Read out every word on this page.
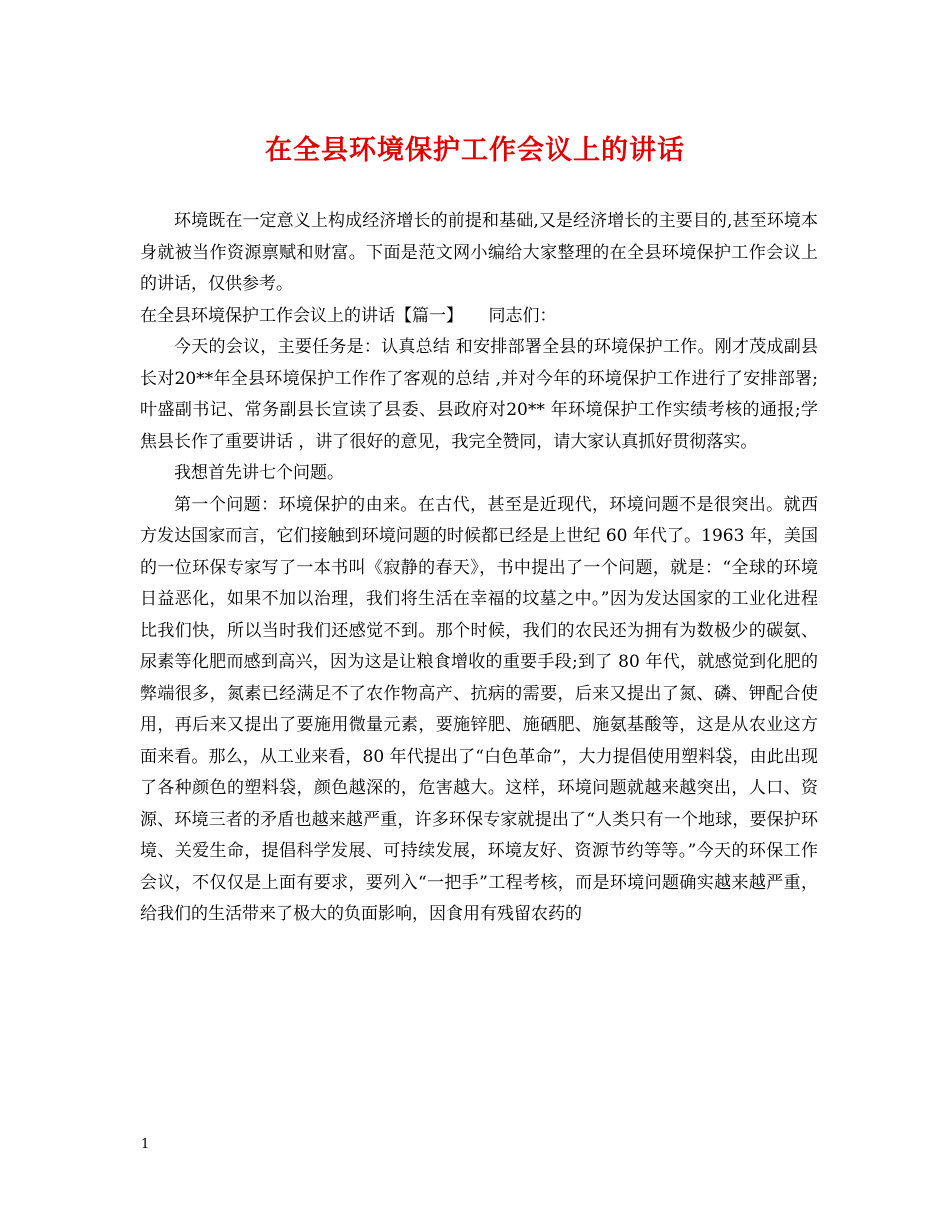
在全县环境保护工作会议上的讲话

环境既在一定意义上构成经济增长的前提和基础,又是经济增长的主要目的,甚至环境本身就被当作资源禀赋和财富。下面是范文网小编给大家整理的在全县环境保护工作会议上的讲话，仅供参考。

在全县环境保护工作会议上的讲话【篇一】　　同志们：

今天的会议，主要任务是：认真总结 和安排部署全县的环境保护工作。刚才茂成副县长对20**年全县环境保护工作作了客观的总结 ,并对今年的环境保护工作进行了安排部署;叶盛副书记、常务副县长宣读了县委、县政府对20** 年环境保护工作实绩考核的通报;学焦县长作了重要讲话 ，讲了很好的意见，我完全赞同，请大家认真抓好贯彻落实。

我想首先讲七个问题。

第一个问题：环境保护的由来。在古代，甚至是近现代，环境问题不是很突出。就西方发达国家而言，它们接触到环境问题的时候都已经是上世纪 60 年代了。1963 年，美国的一位环保专家写了一本书叫《寂静的春天》，书中提出了一个问题，就是：“全球的环境日益恶化，如果不加以治理，我们将生活在幸福的坟墓之中。”因为发达国家的工业化进程比我们快，所以当时我们还感觉不到。那个时候，我们的农民还为拥有为数极少的碳氨、尿素等化肥而感到高兴，因为这是让粮食增收的重要手段;到了 80 年代，就感觉到化肥的弊端很多，氮素已经满足不了农作物高产、抗病的需要，后来又提出了氮、磷、钾配合使用，再后来又提出了要施用微量元素，要施锌肥、施硒肥、施氨基酸等，这是从农业这方面来看。那么，从工业来看，80 年代提出了“白色革命”，大力提倡使用塑料袋，由此出现了各种颜色的塑料袋，颜色越深的，危害越大。这样，环境问题就越来越突出，人口、资源、环境三者的矛盾也越来越严重，许多环保专家就提出了“人类只有一个地球，要保护环境、关爱生命，提倡科学发展、可持续发展，环境友好、资源节约等等。”今天的环保工作会议，不仅仅是上面有要求，要列入“一把手”工程考核，而是环境问题确实越来越严重，给我们的生活带来了极大的负面影响，因食用有残留农药的

1
